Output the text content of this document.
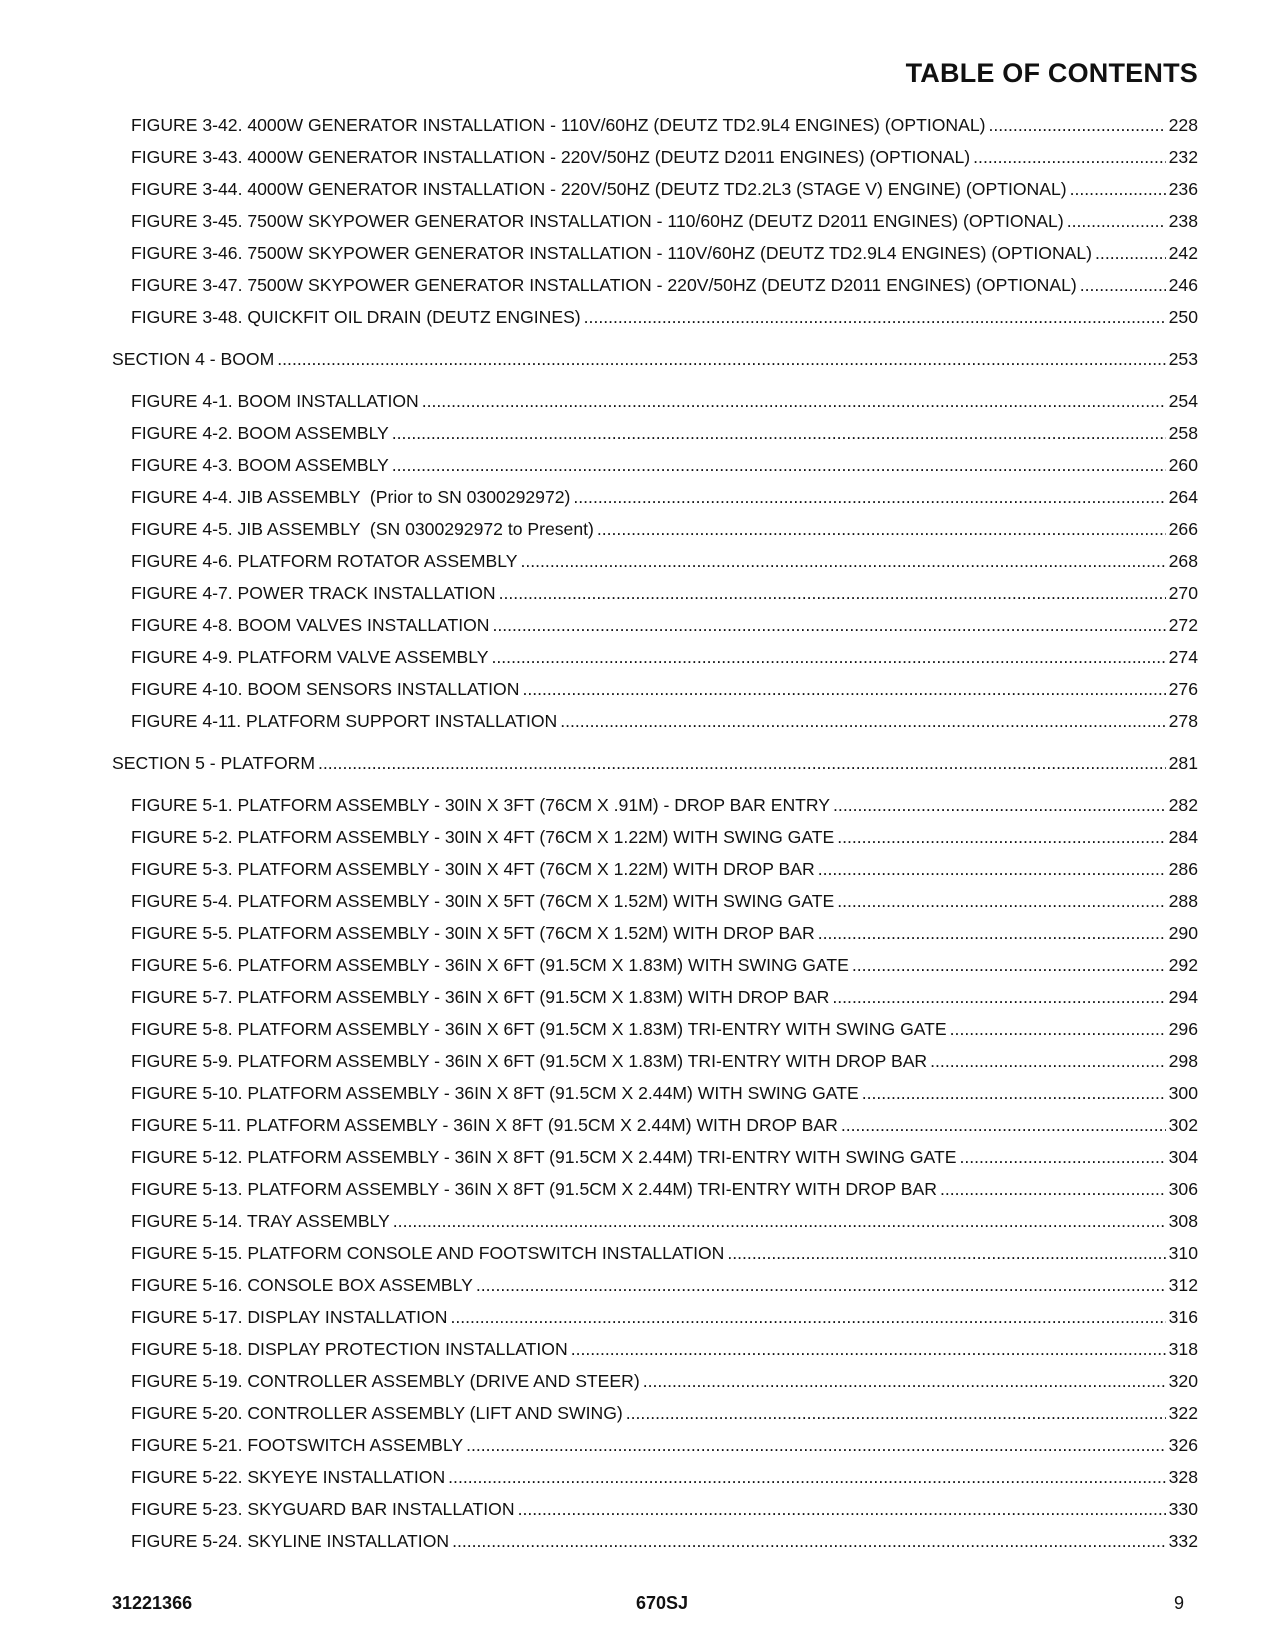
TABLE OF CONTENTS
FIGURE 3-42. 4000W GENERATOR INSTALLATION - 110V/60HZ (DEUTZ TD2.9L4 ENGINES) (OPTIONAL) .....	228
FIGURE 3-43. 4000W GENERATOR INSTALLATION - 220V/50HZ (DEUTZ D2011 ENGINES) (OPTIONAL) .....	232
FIGURE 3-44. 4000W GENERATOR INSTALLATION - 220V/50HZ (DEUTZ TD2.2L3 (STAGE V) ENGINE) (OPTIONAL) .....	236
FIGURE 3-45. 7500W SKYPOWER GENERATOR INSTALLATION - 110/60HZ (DEUTZ D2011 ENGINES) (OPTIONAL) .....	238
FIGURE 3-46. 7500W SKYPOWER GENERATOR INSTALLATION - 110V/60HZ (DEUTZ TD2.9L4 ENGINES) (OPTIONAL) .....	242
FIGURE 3-47. 7500W SKYPOWER GENERATOR INSTALLATION - 220V/50HZ (DEUTZ D2011 ENGINES) (OPTIONAL) .....	246
FIGURE 3-48. QUICKFIT OIL DRAIN (DEUTZ ENGINES) .....	250
SECTION 4 - BOOM .....	253
FIGURE 4-1. BOOM INSTALLATION .....	254
FIGURE 4-2. BOOM ASSEMBLY .....	258
FIGURE 4-3. BOOM ASSEMBLY .....	260
FIGURE 4-4. JIB ASSEMBLY  (Prior to SN 0300292972) .....	264
FIGURE 4-5. JIB ASSEMBLY  (SN 0300292972 to Present) .....	266
FIGURE 4-6. PLATFORM ROTATOR ASSEMBLY .....	268
FIGURE 4-7. POWER TRACK INSTALLATION .....	270
FIGURE 4-8. BOOM VALVES INSTALLATION .....	272
FIGURE 4-9. PLATFORM VALVE ASSEMBLY .....	274
FIGURE 4-10. BOOM SENSORS INSTALLATION .....	276
FIGURE 4-11. PLATFORM SUPPORT INSTALLATION .....	278
SECTION 5 - PLATFORM .....	281
FIGURE 5-1. PLATFORM ASSEMBLY - 30IN X 3FT (76CM X .91M) - DROP BAR ENTRY .....	282
FIGURE 5-2. PLATFORM ASSEMBLY - 30IN X 4FT (76CM X 1.22M) WITH SWING GATE .....	284
FIGURE 5-3. PLATFORM ASSEMBLY - 30IN X 4FT (76CM X 1.22M) WITH DROP BAR .....	286
FIGURE 5-4. PLATFORM ASSEMBLY - 30IN X 5FT (76CM X 1.52M) WITH SWING GATE .....	288
FIGURE 5-5. PLATFORM ASSEMBLY - 30IN X 5FT (76CM X 1.52M) WITH DROP BAR .....	290
FIGURE 5-6. PLATFORM ASSEMBLY - 36IN X 6FT (91.5CM X 1.83M) WITH SWING GATE .....	292
FIGURE 5-7. PLATFORM ASSEMBLY - 36IN X 6FT (91.5CM X 1.83M) WITH DROP BAR .....	294
FIGURE 5-8. PLATFORM ASSEMBLY - 36IN X 6FT (91.5CM X 1.83M) TRI-ENTRY WITH SWING GATE .....	296
FIGURE 5-9. PLATFORM ASSEMBLY - 36IN X 6FT (91.5CM X 1.83M) TRI-ENTRY WITH DROP BAR .....	298
FIGURE 5-10. PLATFORM ASSEMBLY - 36IN X 8FT (91.5CM X 2.44M) WITH SWING GATE .....	300
FIGURE 5-11. PLATFORM ASSEMBLY - 36IN X 8FT (91.5CM X 2.44M) WITH DROP BAR .....	302
FIGURE 5-12. PLATFORM ASSEMBLY - 36IN X 8FT (91.5CM X 2.44M) TRI-ENTRY WITH SWING GATE .....	304
FIGURE 5-13. PLATFORM ASSEMBLY - 36IN X 8FT (91.5CM X 2.44M) TRI-ENTRY WITH DROP BAR .....	306
FIGURE 5-14. TRAY ASSEMBLY .....	308
FIGURE 5-15. PLATFORM CONSOLE AND FOOTSWITCH INSTALLATION .....	310
FIGURE 5-16. CONSOLE BOX ASSEMBLY .....	312
FIGURE 5-17. DISPLAY INSTALLATION .....	316
FIGURE 5-18. DISPLAY PROTECTION INSTALLATION .....	318
FIGURE 5-19. CONTROLLER ASSEMBLY (DRIVE AND STEER) .....	320
FIGURE 5-20. CONTROLLER ASSEMBLY (LIFT AND SWING) .....	322
FIGURE 5-21. FOOTSWITCH ASSEMBLY .....	326
FIGURE 5-22. SKYEYE INSTALLATION .....	328
FIGURE 5-23. SKYGUARD BAR INSTALLATION .....	330
FIGURE 5-24. SKYLINE INSTALLATION .....	332
31221366	670SJ	9
